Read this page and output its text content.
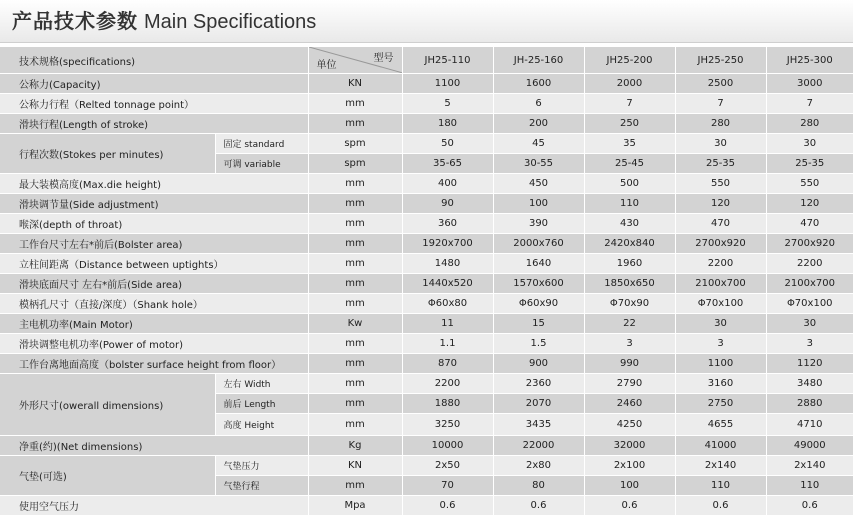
产品技术参数 Main Specifications
技术规格(specifications)		型号
单位	JH25-110	JH-25-160	JH25-200	JH25-250	JH25-300
公称力(Capacity)		KN	1100	1600	2000	2500	3000
公称力行程（Relted tonnage point）		mm	5	6	7	7	7
滑块行程(Length of stroke)		mm	180	200	250	280	280
行程次数(Stokes per minutes)	固定 standard	spm	50	45	35	30	30
	可调 variable	spm	35-65	30-55	25-45	25-35	25-35
最大装模高度(Max.die height)		mm	400	450	500	550	550
滑块调节量(Side adjustment)		mm	90	100	110	120	120
喉深(depth of throat)		mm	360	390	430	470	470
工作台尺寸左右*前后(Bolster area)		mm	1920x700	2000x760	2420x840	2700x920	2700x920
立柱间距离（Distance between uptights）		mm	1480	1640	1960	2200	2200
滑块底面尺寸 左右*前后(Side area)		mm	1440x520	1570x600	1850x650	2100x700	2100x700
模柄孔尺寸（直接/深度）（Shank hole）		mm	Φ60x80	Φ60x90	Φ70x90	Φ70x100	Φ70x100
主电机功率(Main Motor)		Kw	11	15	22	30	30
滑块调整电机功率(Power of motor)		mm	1.1	1.5	3	3	3
工作台离地面高度（bolster surface height from floor）		mm	870	900	990	1100	1120
外形尺寸(owerall dimensions)	左右 Width	mm	2200	2360	2790	3160	3480
	前后 Length	mm	1880	2070	2460	2750	2880
	高度 Height	mm	3250	3435	4250	4655	4710
净重(约)(Net dimensions)		Kg	10000	22000	32000	41000	49000
气垫(可选)	气垫压力	KN	2x50	2x80	2x100	2x140	2x140
	气垫行程	mm	70	80	100	110	110
使用空气压力		Mpa	0.6	0.6	0.6	0.6	0.6
